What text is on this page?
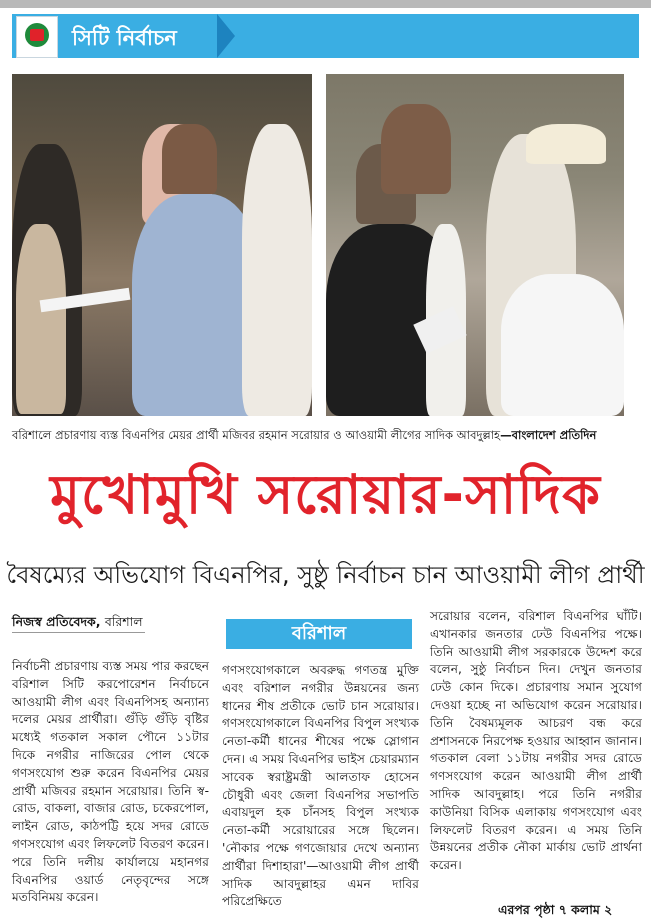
সিটি নির্বাচন
বরিশালে প্রচারণায় ব্যস্ত বিএনপির মেয়র প্রার্থী মজিবর রহমান সরোয়ার ও আওয়ামী লীগের সাদিক আবদুল্লাহ—বাংলাদেশ প্রতিদিন
মুখোমুখি সরোয়ার-সাদিক
বৈষম্যের অভিযোগ বিএনপির, সুষ্ঠু নির্বাচন চান আওয়ামী লীগ প্রার্থী
নিজস্ব প্রতিবেদক, বরিশাল
বরিশাল
নির্বাচনী প্রচারণায় ব্যস্ত সময় পার করছেন বরিশাল সিটি করপোরেশন নির্বাচনে আওয়ামী লীগ এবং বিএনপিসহ অন্যান্য দলের মেয়র প্রার্থীরা। গুঁড়ি গুঁড়ি বৃষ্টির মধ্যেই গতকাল সকাল পৌনে ১১টার দিকে নগরীর নাজিরের পোল থেকে গণসংযোগ শুরু করেন বিএনপির মেয়র প্রার্থী মজিবর রহমান সরোয়ার। তিনি স্ব-রোড, বাকলা, বাজার রোড, চকেরপোল, লাইন রোড, কাঠপট্টি হয়ে সদর রোডে গণসংযোগ এবং লিফলেট বিতরণ করেন। পরে তিনি দলীয় কার্যালয়ে মহানগর বিএনপির ওয়ার্ড নেতৃবৃন্দের সঙ্গে মতবিনিময় করেন।
গণসংযোগকালে অবরুদ্ধ গণতন্ত্র মুক্তি এবং বরিশাল নগরীর উন্নয়নের জন্য ধানের শীষ প্রতীকে ভোট চান সরোয়ার। গণসংযোগকালে বিএনপির বিপুল সংখ্যক নেতা-কর্মী ধানের শীষের পক্ষে স্লোগান দেন। এ সময় বিএনপির ভাইস চেয়ারম্যান সাবেক স্বরাষ্ট্রমন্ত্রী আলতাফ হোসেন চৌধুরী এবং জেলা বিএনপির সভাপতি এবায়দুল হক চাঁনসহ বিপুল সংখ্যক নেতা-কর্মী সরোয়ারের সঙ্গে ছিলেন। 'নৌকার পক্ষে গণজোয়ার দেখে অন্যান্য প্রার্থীরা দিশাহারা'—আওয়ামী লীগ প্রার্থী সাদিক আবদুল্লাহর এমন দাবির পরিপ্রেক্ষিতে
সরোয়ার বলেন, বরিশাল বিএনপির ঘাঁটি। এখানকার জনতার ঢেউ বিএনপির পক্ষে। তিনি আওয়ামী লীগ সরকারকে উদ্দেশ করে বলেন, সুষ্ঠু নির্বাচন দিন। দেখুন জনতার ঢেউ কোন দিকে। প্রচারণায় সমান সুযোগ দেওয়া হচ্ছে না অভিযোগ করেন সরোয়ার। তিনি বৈষম্যমূলক আচরণ বন্ধ করে প্রশাসনকে নিরপেক্ষ হওয়ার আহ্বান জানান। গতকাল বেলা ১১টায় নগরীর সদর রোডে গণসংযোগ করেন আওয়ামী লীগ প্রার্থী সাদিক আবদুল্লাহ। পরে তিনি নগরীর কাউনিয়া বিসিক এলাকায় গণসংযোগ এবং লিফলেট বিতরণ করেন। এ সময় তিনি উন্নয়নের প্রতীক নৌকা মার্কায় ভোট প্রার্থনা করেন।
এরপর পৃষ্ঠা ৭ কলাম ২
